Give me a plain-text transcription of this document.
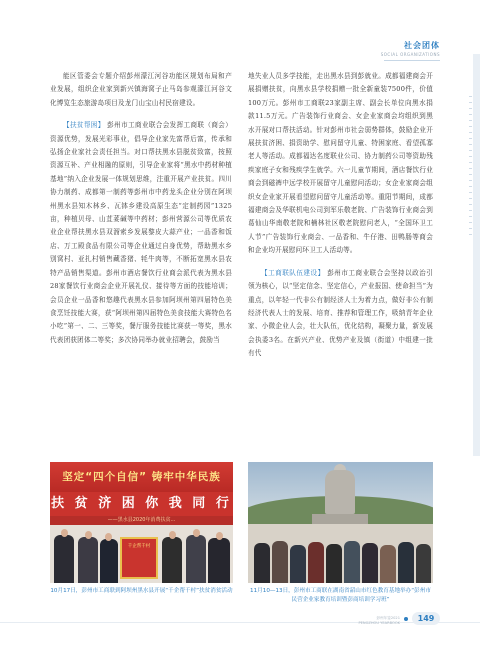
社会团体
SOCIAL ORGANIZATIONS

能区管委会专题介绍彭州濛江河谷功能区规划布局和产业发展，组织企业家到新兴镇海窝子止马岛参观濛江河谷文化博览生态旅游岛项目及龙门山宝山村民宿建设。

【扶贫帮困】 彭州市工商业联合会发挥工商联（商会）资源优势，发展光彩事业，倡导企业家先富帮后富，传承和弘扬企业家社会责任担当。对口帮扶黑水县脱贫致富，按照资源互补、产业相融的原则，引导企业家将“黑水中药材种植基地”纳入企业发展一体规划思维，注重开展产业扶贫。四川协力制药、成都第一制药等彭州市中药龙头企业分别在阿坝州黑水县知木林乡、瓦钵乡建设高原生态“定制药园”1325亩，种植贝母、山苴荽碱等中药材；彭州营源公司等优质农业企业帮扶黑水县双溜索乡发展黎皮大蒜产业；一品香和饭店、万工殿食品有限公司等企业通过自身优势，帮助黑水乡别窝村、亚扎村销售藏香猪、牦牛肉等，不断拓宽黑水县农特产品销售渠道。彭州市酒店餐饮行业商会派代表为黑水县28家餐饮行业商会企业开展礼仪、接待等方面的技能培训；会员企业一品香和悠趣代表黑水县参加阿坝州第四届特色美食烹饪技能大赛，获“阿坝州第四届特色美食技能大赛特色名小吃”第一、二、三等奖，餐厅服务技能比赛获一等奖，黑水代表团获团体二等奖；多次协同举办就业招聘会，鼓励当

地失业人员多学技能，走出黑水县到彭就业。成都福建商会开展捐赠扶贫，向黑水县学校捐赠一批全新童装7500件，价值100万元。彭州市工商联23家副主席、副会长单位向黑水捐款11.5万元。广告装饰行业商会、女企业家商会均组织到黑水开展对口帮扶活动。针对彭州市社会弱势群体，鼓励企业开展扶贫济困、捐资助学、慰问留守儿童、特困家庭、看望孤寡老人等活动。成都福达名度联业公司、协力制药公司等资助残疾家庭子女和残疾学生就学。六一儿童节期间，酒店餐饮行业商会到磁裤中远学校开展留守儿童慰问活动；女企业家商会组织女企业家开展看望慰问留守儿童活动等。重阳节期间，成都福建商会及华联机电公司到军乐敬老院、广告装饰行业商会到葛仙山华南敬老院和楠林社区敬老院慰问老人，“全国环卫工人节”广告装饰行业商会、一品香和、牛仔港、田鸭肠等商会和企业均开展慰问环卫工人活动等。

【工商联队伍建设】 彭州市工商业联合会坚持以政治引领为核心，以“坚定信念、坚定信心，产业报国、使命担当”为重点，以年轻一代非公有制经济人士为着力点，做好非公有制经济代表人士的发展、培育、推荐和管理工作，吸纳青年企业家、小微企业人会，壮大队伍，优化结构，凝聚力量，新发展会执委3名。在新兴产业、优势产业及镇（街道）中组建一批有代

坚定“四个自信” 铸牢中华民族
扶 贫 济 困 你 我 同 行
——黑水县2020年消费扶贫...
千企帮千村
10月17日，彭州市工商联到阿坝州黑水县开展“千企帮千村”扶贫消贫活动	11月10—13日，彭州市工商联在湖南省韶山市红色教育基地举办“彭州市民营企业家教育培训暨彭商培训学习班”
彭州年鉴2021
PENGZHOU YEARBOOK	149
